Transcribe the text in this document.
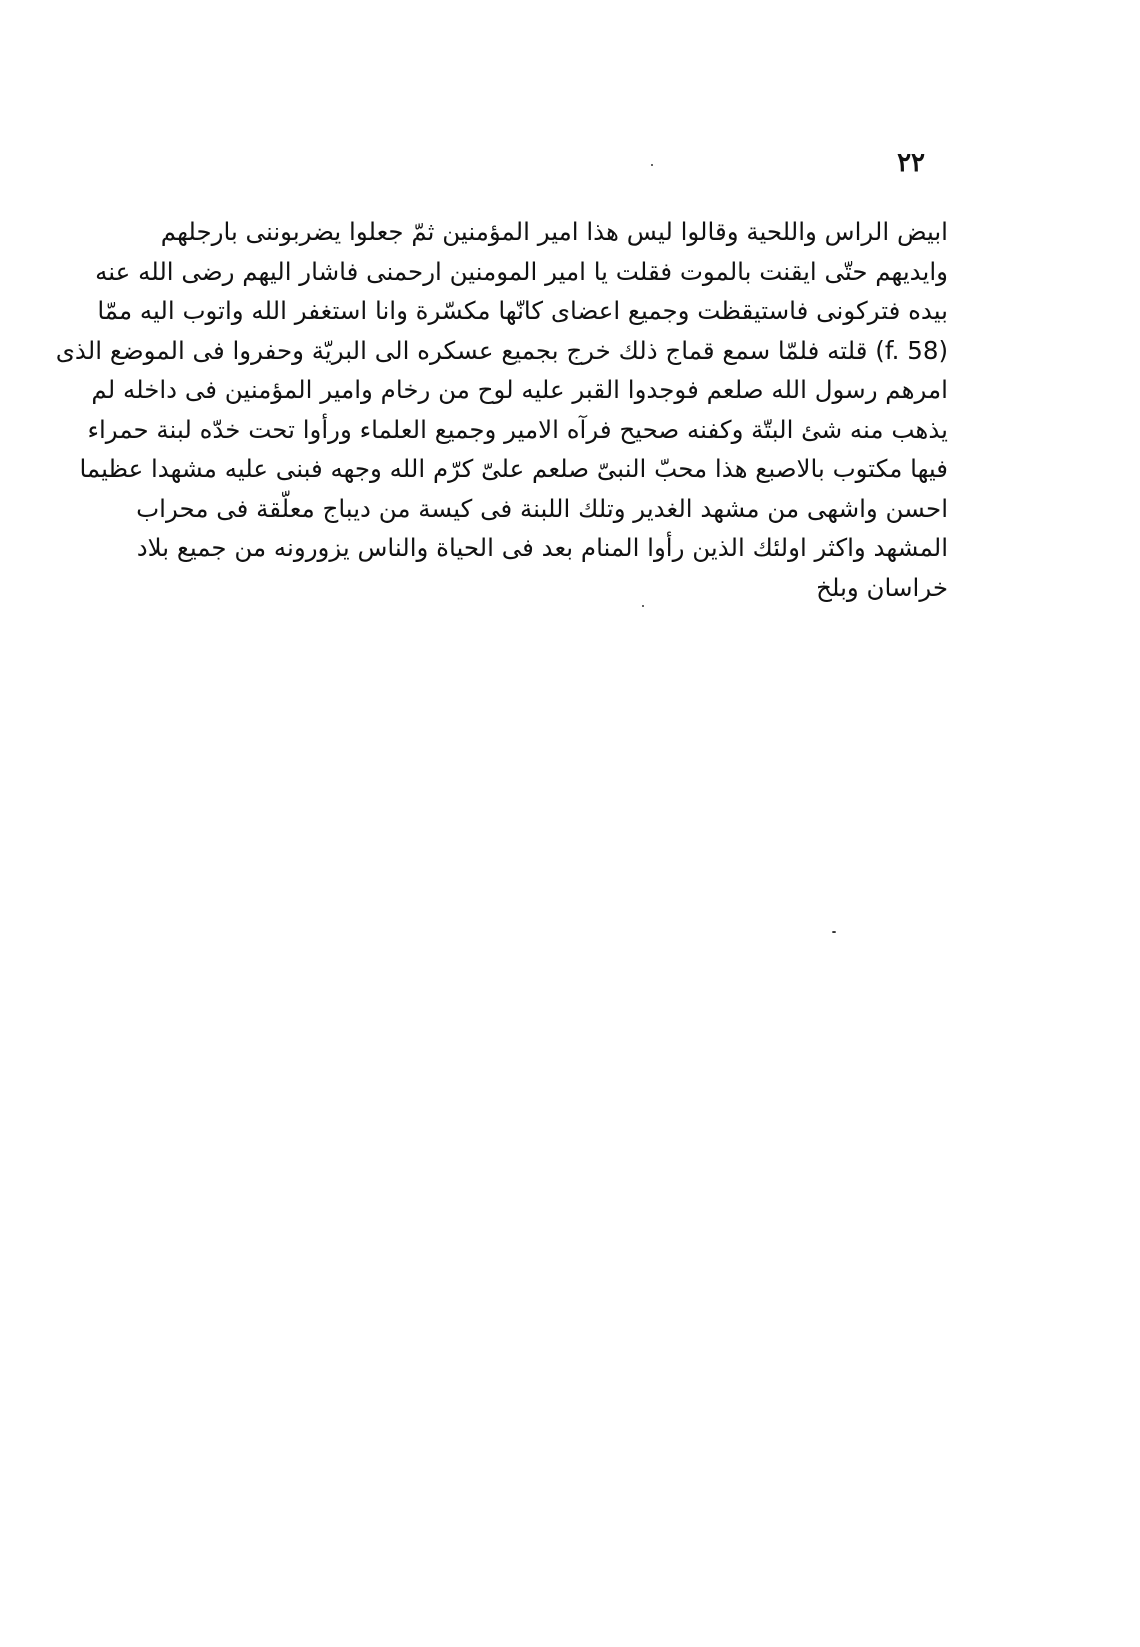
٢٢
ابيض الراس واللحية وقالوا ليس هذا امير المؤمنين ثمّ جعلوا يضربوننى بارجلهم
وايديهم حتّى ايقنت بالموت فقلت يا امير المومنين ارحمنى فاشار اليهم رضى الله عنه
بيده فتركونى فاستيقظت وجميع اعضاى كانّها مكسّرة وانا استغفر الله واتوب اليه ممّا
(f. 58) قلته فلمّا سمع قماج ذلك خرج بجميع عسكره الى البريّة وحفروا فى الموضع الذى
امرهم رسول الله صلعم فوجدوا القبر عليه لوح من رخام وامير المؤمنين فى داخله لم
يذهب منه شئ البتّة وكفنه صحيح فرآه الامير وجميع العلماء ورأوا تحت خدّه لبنة حمراء
فيها مكتوب بالاصبع هذا محبّ النبىّ صلعم علىّ كرّم الله وجهه فبنى عليه مشهدا عظيما
احسن واشهى من مشهد الغدير وتلك اللبنة فى كيسة من ديباج معلّقة فى محراب
المشهد واكثر اولئك الذين رأوا المنام بعد فى الحياة والناس يزورونه من جميع بلاد
خراسان وبلخ
